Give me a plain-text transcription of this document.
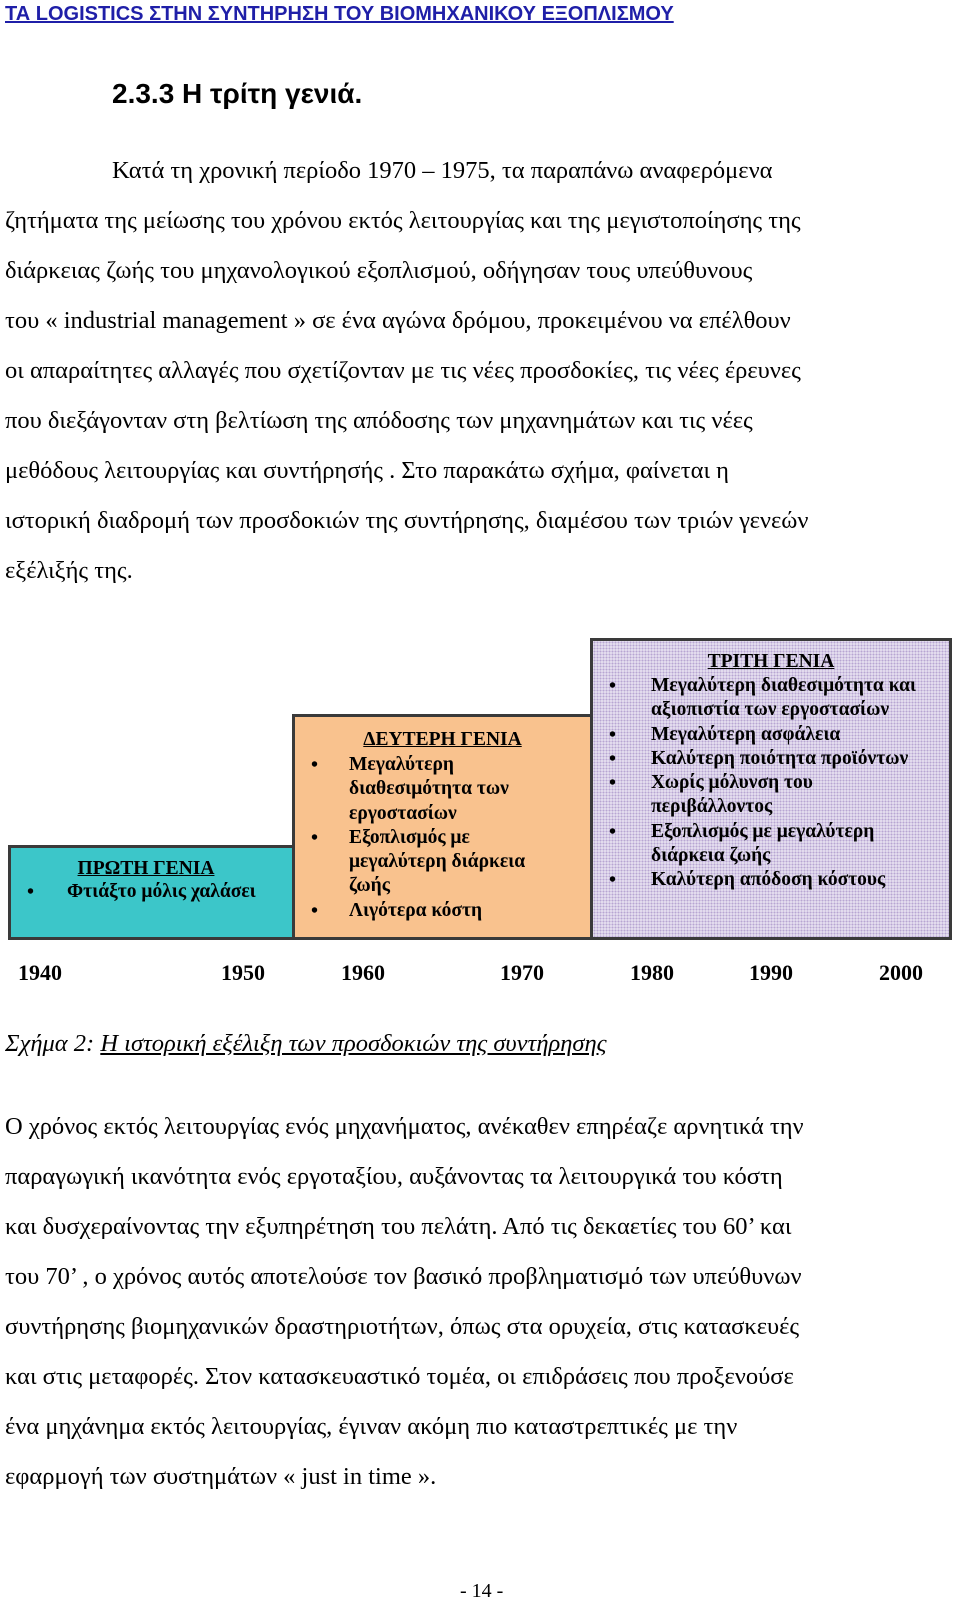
ΤΑ LOGISTICS ΣΤΗΝ ΣΥΝΤΗΡΗΣΗ ΤΟΥ ΒΙΟΜΗΧΑΝΙΚΟΥ ΕΞΟΠΛΙΣΜΟΥ
2.3.3 Η τρίτη γενιά.
Κατά τη χρονική περίοδο 1970 – 1975, τα παραπάνω αναφερόμενα
ζητήματα της μείωσης του χρόνου εκτός λειτουργίας και της μεγιστοποίησης της
διάρκειας ζωής του μηχανολογικού εξοπλισμού, οδήγησαν τους υπεύθυνους
του « industrial management » σε ένα αγώνα δρόμου, προκειμένου να επέλθουν
οι απαραίτητες αλλαγές που σχετίζονταν με τις νέες προσδοκίες, τις νέες έρευνες
που διεξάγονταν στη βελτίωση της απόδοσης των μηχανημάτων και τις νέες
μεθόδους λειτουργίας και συντήρησής . Στο παρακάτω σχήμα, φαίνεται η
ιστορική διαδρομή των προσδοκιών της συντήρησης, διαμέσου των τριών γενεών
εξέλιξής της.
ΠΡΩΤΗ ΓΕΝΙΑ
• Φτιάξτο μόλις χαλάσει
ΔΕΥΤΕΡΗ ΓΕΝΙΑ
• Μεγαλύτερη διαθεσιμότητα των εργοστασίων
• Εξοπλισμός με μεγαλύτερη διάρκεια ζωής
• Λιγότερα κόστη
ΤΡΙΤΗ ΓΕΝΙΑ
• Μεγαλύτερη διαθεσιμότητα και αξιοπιστία των εργοστασίων
• Μεγαλύτερη ασφάλεια
• Καλύτερη ποιότητα προϊόντων
• Χωρίς μόλυνση του περιβάλλοντος
• Εξοπλισμός με μεγαλύτερη διάρκεια ζωής
• Καλύτερη απόδοση κόστους
1940	1950	1960	1970	1980	1990	2000
Σχήμα 2: Η ιστορική εξέλιξη των προσδοκιών της συντήρησης
Ο χρόνος εκτός λειτουργίας ενός μηχανήματος, ανέκαθεν επηρέαζε αρνητικά την
παραγωγική ικανότητα ενός εργοταξίου, αυξάνοντας τα λειτουργικά του κόστη
και δυσχεραίνοντας την εξυπηρέτηση του πελάτη. Από τις δεκαετίες του 60’ και
του 70’ , ο χρόνος αυτός αποτελούσε τον βασικό προβληματισμό των υπεύθυνων
συντήρησης βιομηχανικών δραστηριοτήτων, όπως στα ορυχεία, στις κατασκευές
και στις μεταφορές. Στον κατασκευαστικό τομέα, οι επιδράσεις που προξενούσε
ένα μηχάνημα εκτός λειτουργίας, έγιναν ακόμη πιο καταστρεπτικές με την
εφαρμογή των συστημάτων « just in time ».
- 14 -
